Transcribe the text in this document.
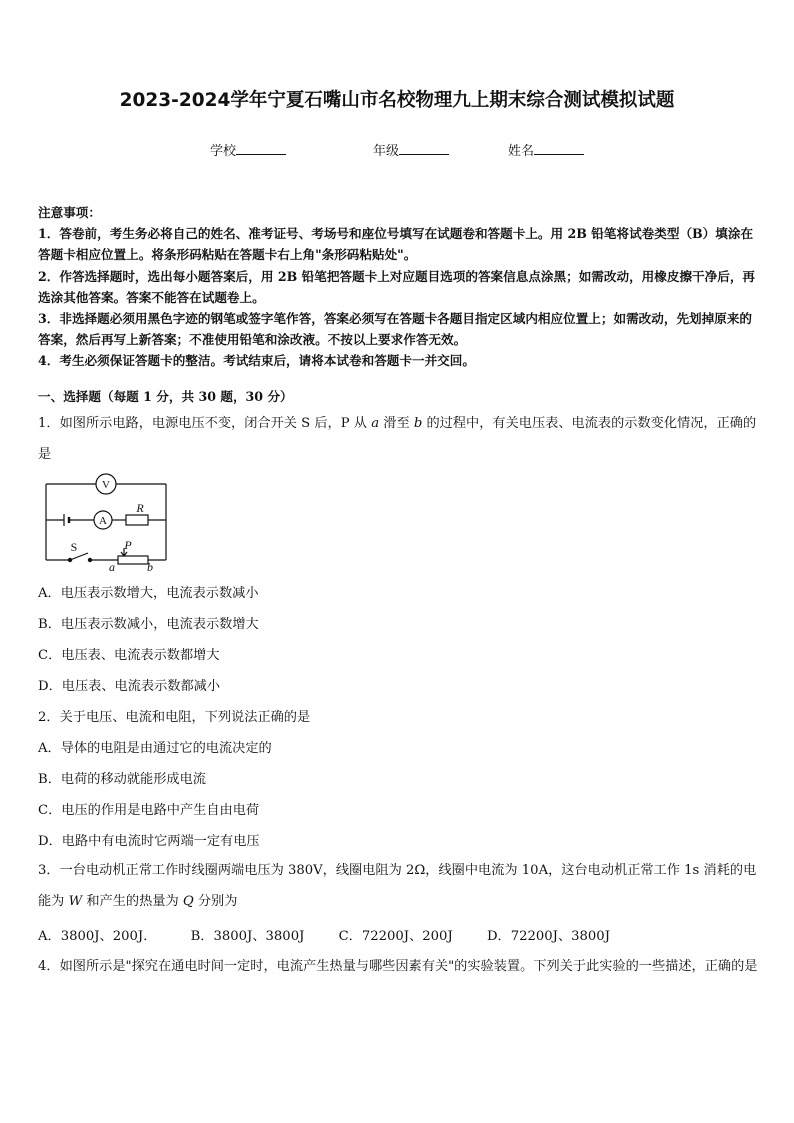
2023-2024学年宁夏石嘴山市名校物理九上期末综合测试模拟试题
学校	年级	姓名

注意事项：

1．答卷前，考生务必将自己的姓名、准考证号、考场号和座位号填写在试题卷和答题卡上。用 2B 铅笔将试卷类型（B）填涂在答题卡相应位置上。将条形码粘贴在答题卡右上角"条形码粘贴处"。

2．作答选择题时，选出每小题答案后，用 2B 铅笔把答题卡上对应题目选项的答案信息点涂黑；如需改动，用橡皮擦干净后，再选涂其他答案。答案不能答在试题卷上。

3．非选择题必须用黑色字迹的钢笔或签字笔作答，答案必须写在答题卡各题目指定区域内相应位置上；如需改动，先划掉原来的答案，然后再写上新答案；不准使用铅笔和涂改液。不按以上要求作答无效。

4．考生必须保证答题卡的整洁。考试结束后，请将本试卷和答题卡一并交回。

一、选择题（每题 1 分，共 30 题，30 分）

1．如图所示电路，电源电压不变，闭合开关 S 后，P 从 a 滑至 b 的过程中，有关电压表、电流表的示数变化情况，正确的是

V
A
R
S	P
a	b
A．电压表示数增大，电流表示数减小
B．电压表示数减小，电流表示数增大
C．电压表、电流表示数都增大
D．电压表、电流表示数都减小
2．关于电压、电流和电阻，下列说法正确的是
A．导体的电阻是由通过它的电流决定的
B．电荷的移动就能形成电流
C．电压的作用是电路中产生自由电荷
D．电路中有电流时它两端一定有电压

3．一台电动机正常工作时线圈两端电压为 380V，线圈电阻为 2Ω，线圈中电流为 10A，这台电动机正常工作 1s 消耗的电能为 W 和产生的热量为 Q 分别为

A．3800J、200J．	B．3800J、3800J	C．72200J、200J	D．72200J、3800J

4．如图所示是"探究在通电时间一定时，电流产生热量与哪些因素有关"的实验装置。下列关于此实验的一些描述，正确的是
